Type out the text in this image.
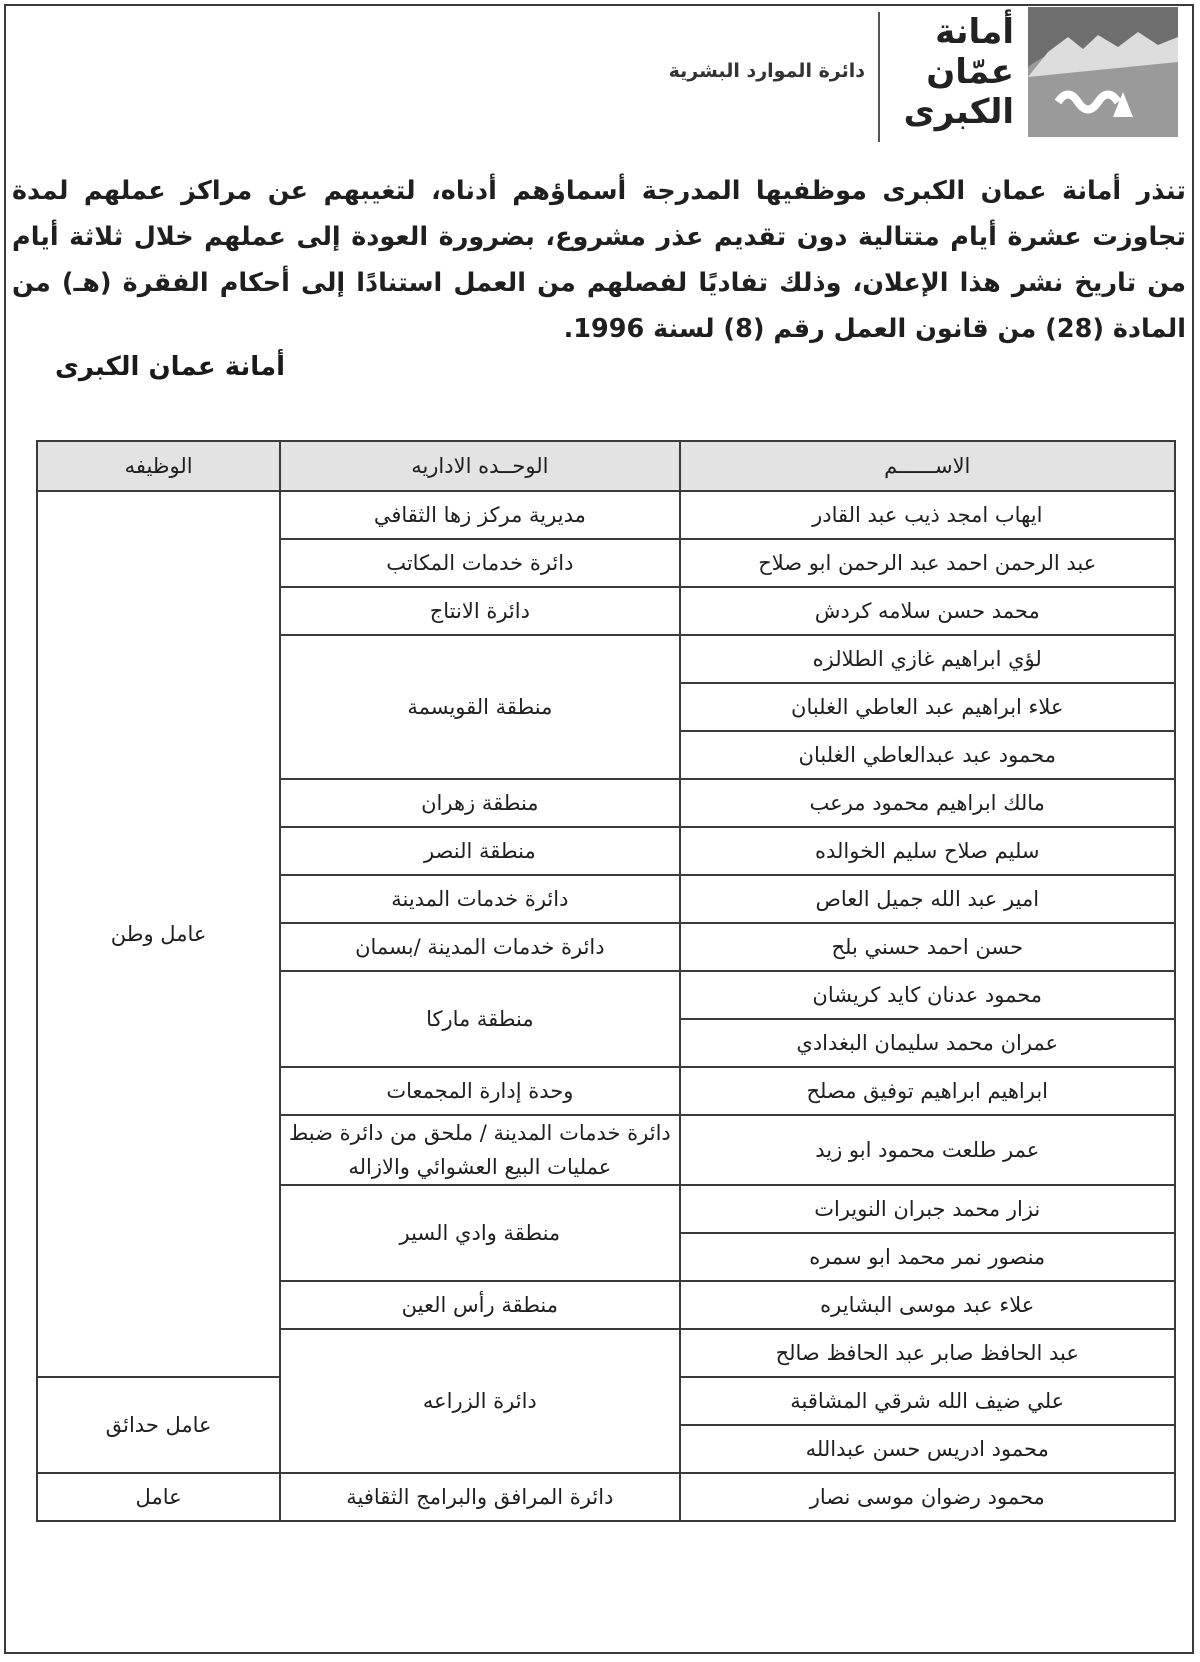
أمانة
عمّان
الكبرى
دائرة الموارد البشرية
تنذر أمانة عمان الكبرى موظفيها المدرجة أسماؤهم أدناه، لتغيبهم عن مراكز عملهم لمدة تجاوزت عشرة أيام متتالية دون تقديم عذر مشروع، بضرورة العودة إلى عملهم خلال ثلاثة أيام من تاريخ نشر هذا الإعلان، وذلك تفاديًا لفصلهم من العمل استنادًا إلى أحكام الفقرة (هـ) من المادة (28) من قانون العمل رقم (8) لسنة 1996.
أمانة عمان الكبرى
الاســــــم	الوحــده الاداريه	الوظيفه
ايهاب امجد ذيب عبد القادر	مديرية مركز زها الثقافي	عامل وطن
عبد الرحمن احمد عبد الرحمن ابو صلاح	دائرة خدمات المكاتب	
محمد حسن سلامه كردش	دائرة الانتاج	
لؤي ابراهيم غازي الطلالزه	منطقة القويسمة	
علاء ابراهيم عبد العاطي الغلبان		
محمود عبد عبدالعاطي الغلبان		
مالك ابراهيم محمود مرعب	منطقة زهران	
سليم صلاح سليم الخوالده	منطقة النصر	
امير عبد الله جميل العاص	دائرة خدمات المدينة	
حسن احمد حسني بلح	دائرة خدمات المدينة /بسمان	
محمود عدنان كايد كريشان	منطقة ماركا	
عمران محمد سليمان البغدادي		
ابراهيم ابراهيم توفيق مصلح	وحدة إدارة المجمعات	
عمر طلعت محمود ابو زيد	دائرة خدمات المدينة / ملحق من دائرة ضبط عمليات البيع العشوائي والازاله	
نزار محمد جبران النويرات	منطقة وادي السير	
منصور نمر محمد ابو سمره		
علاء عبد موسى البشايره	منطقة رأس العين	
عبد الحافظ صابر عبد الحافظ صالح	دائرة الزراعه	
علي ضيف الله شرقي المشاقبة		عامل حدائق
محمود ادريس حسن عبدالله		
محمود رضوان موسى نصار	دائرة المرافق والبرامج الثقافية	عامل
